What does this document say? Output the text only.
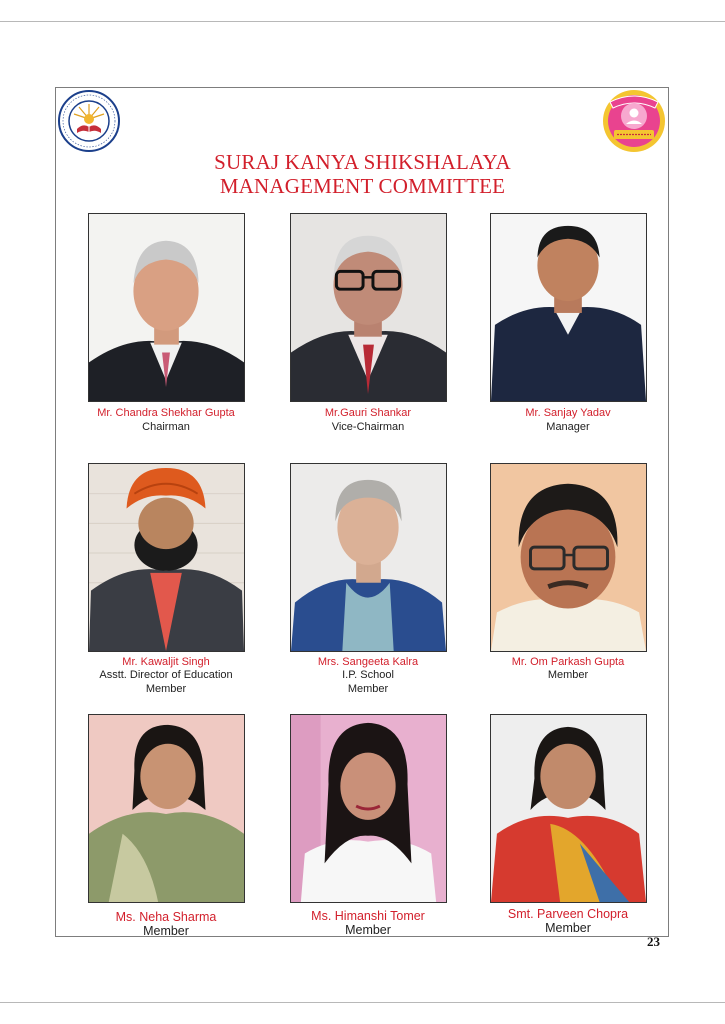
SURAJ KANYA SHIKSHALAYA
MANAGEMENT COMMITTEE
Mr. Chandra Shekhar Gupta
Chairman
Mr.Gauri Shankar
Vice-Chairman
Mr. Sanjay Yadav
Manager
Mr. Kawaljit Singh
Asstt. Director of Education
Member
Mrs. Sangeeta Kalra
I.P. School
Member
Mr. Om Parkash Gupta
Member
Ms. Neha Sharma
Member
Ms. Himanshi Tomer
Member
Smt. Parveen Chopra
Member
23
